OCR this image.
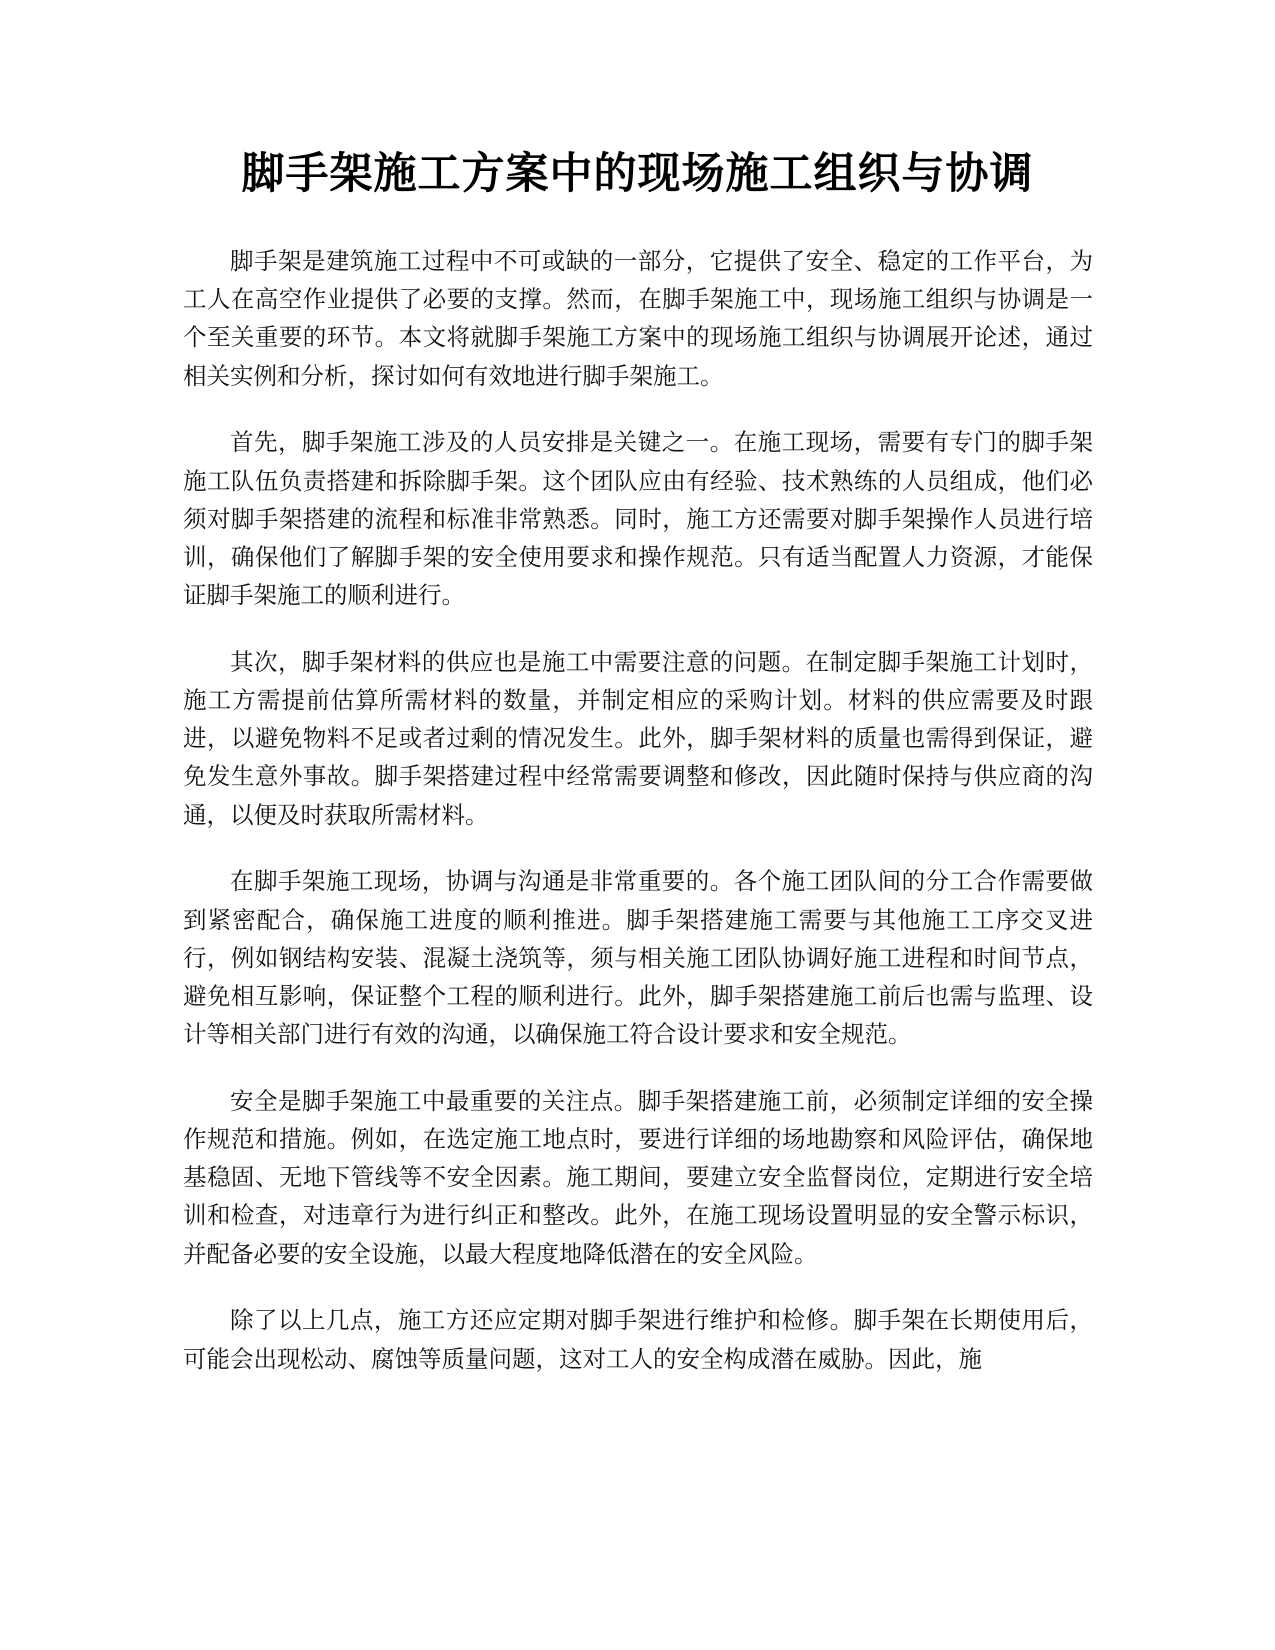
脚手架施工方案中的现场施工组织与协调

脚手架是建筑施工过程中不可或缺的一部分，它提供了安全、稳定的工作平台，为工人在高空作业提供了必要的支撑。然而，在脚手架施工中，现场施工组织与协调是一个至关重要的环节。本文将就脚手架施工方案中的现场施工组织与协调展开论述，通过相关实例和分析，探讨如何有效地进行脚手架施工。

首先，脚手架施工涉及的人员安排是关键之一。在施工现场，需要有专门的脚手架施工队伍负责搭建和拆除脚手架。这个团队应由有经验、技术熟练的人员组成，他们必须对脚手架搭建的流程和标准非常熟悉。同时，施工方还需要对脚手架操作人员进行培训，确保他们了解脚手架的安全使用要求和操作规范。只有适当配置人力资源，才能保证脚手架施工的顺利进行。

其次，脚手架材料的供应也是施工中需要注意的问题。在制定脚手架施工计划时，施工方需提前估算所需材料的数量，并制定相应的采购计划。材料的供应需要及时跟进，以避免物料不足或者过剩的情况发生。此外，脚手架材料的质量也需得到保证，避免发生意外事故。脚手架搭建过程中经常需要调整和修改，因此随时保持与供应商的沟通，以便及时获取所需材料。

在脚手架施工现场，协调与沟通是非常重要的。各个施工团队间的分工合作需要做到紧密配合，确保施工进度的顺利推进。脚手架搭建施工需要与其他施工工序交叉进行，例如钢结构安装、混凝土浇筑等，须与相关施工团队协调好施工进程和时间节点，避免相互影响，保证整个工程的顺利进行。此外，脚手架搭建施工前后也需与监理、设计等相关部门进行有效的沟通，以确保施工符合设计要求和安全规范。

安全是脚手架施工中最重要的关注点。脚手架搭建施工前，必须制定详细的安全操作规范和措施。例如，在选定施工地点时，要进行详细的场地勘察和风险评估，确保地基稳固、无地下管线等不安全因素。施工期间，要建立安全监督岗位，定期进行安全培训和检查，对违章行为进行纠正和整改。此外，在施工现场设置明显的安全警示标识，并配备必要的安全设施，以最大程度地降低潜在的安全风险。

除了以上几点，施工方还应定期对脚手架进行维护和检修。脚手架在长期使用后，可能会出现松动、腐蚀等质量问题，这对工人的安全构成潜在威胁。因此，施
